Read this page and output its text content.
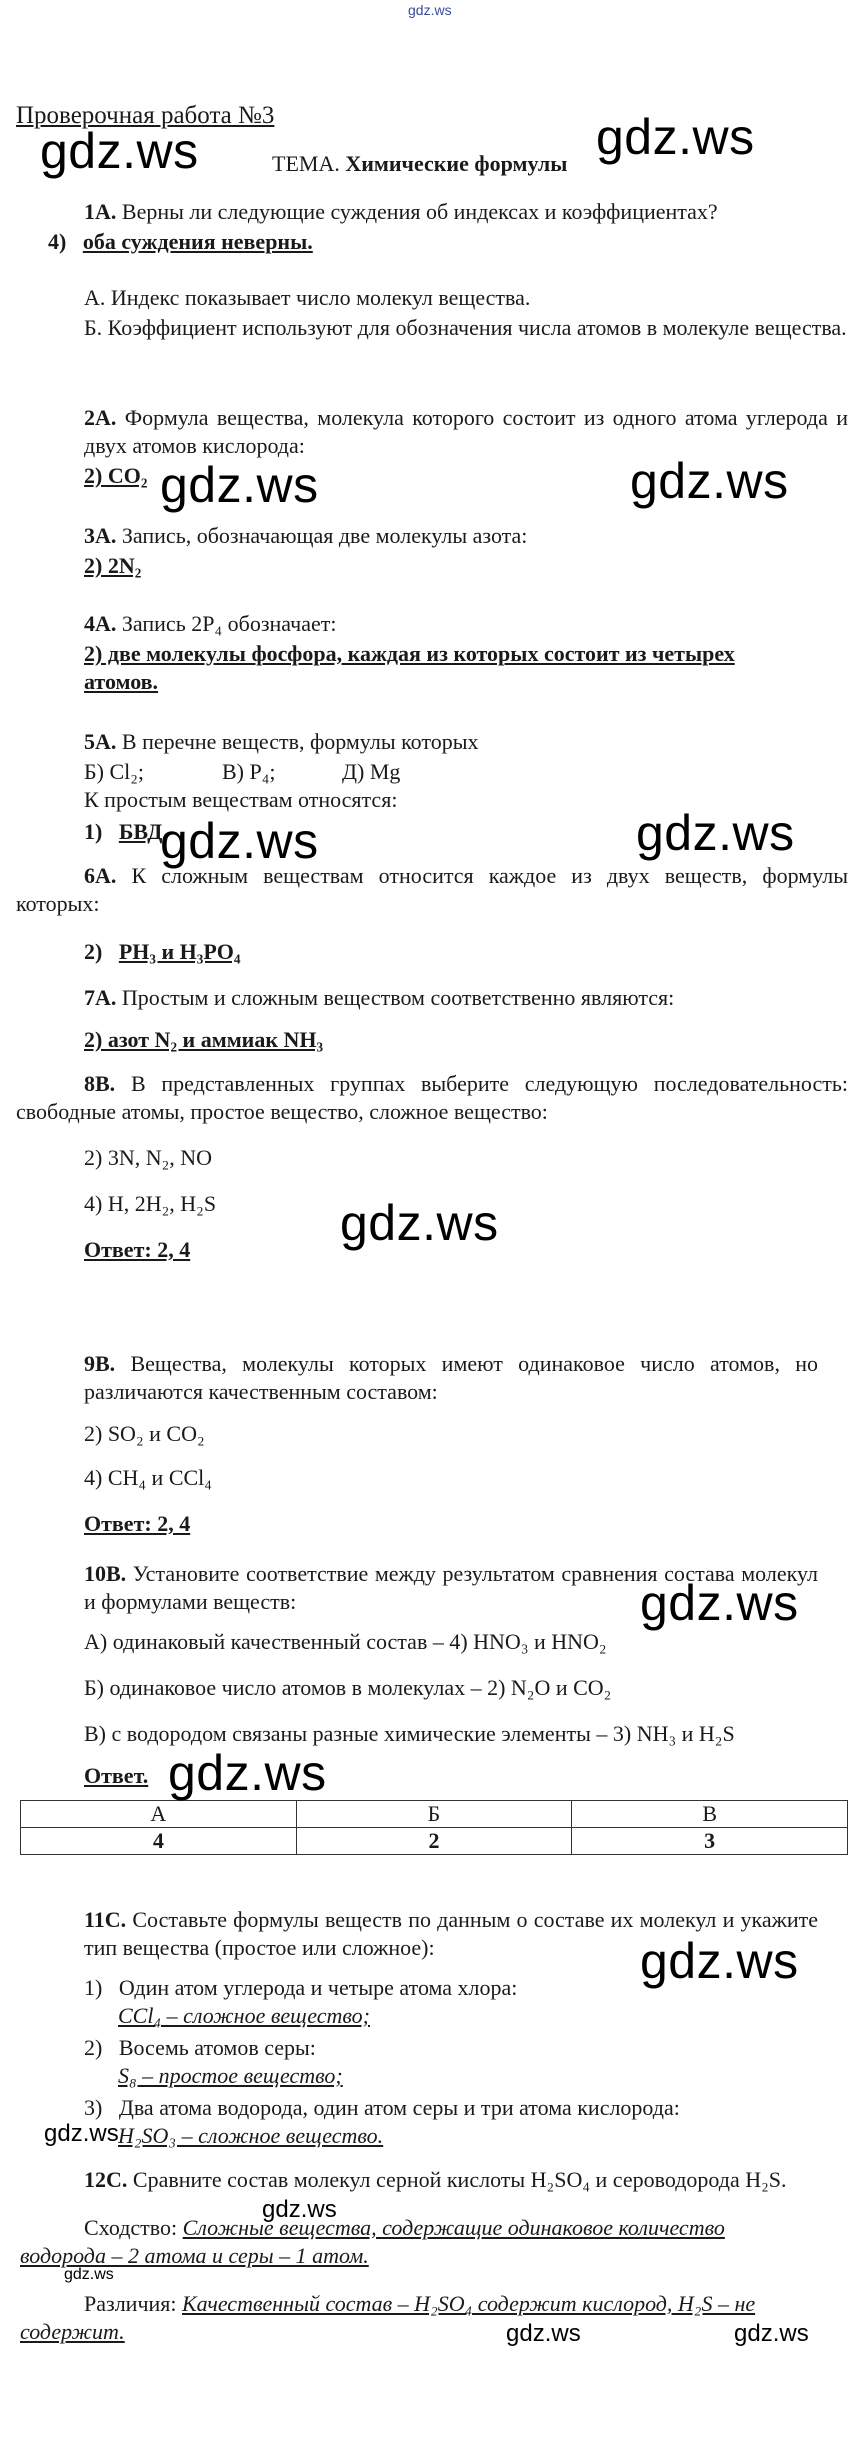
gdz.ws
Проверочная работа №3
ТЕМА. Химические формулы
1А. Верны ли следующие суждения об индексах и коэффициентах?
4) оба суждения неверны.
А. Индекс показывает число молекул вещества.
Б. Коэффициент используют для обозначения числа атомов в молекуле вещества.
2А. Формула вещества, молекула которого состоит из одного атома углерода и двух атомов кислорода:
2) CO₂
3А. Запись, обозначающая две молекулы азота:
2) 2N₂
4А. Запись 2P₄ обозначает:
2) две молекулы фосфора, каждая из которых состоит из четырех атомов.
5А. В перечне веществ, формулы которых
Б) Cl₂;	В) P₄;	Д) Mg
К простым веществам относятся:
1) БВД
6А. К сложным веществам относится каждое из двух веществ, формулы которых:
2) PH₃ и H₃PO₄
7А. Простым и сложным веществом соответственно являются:
2) азот N₂ и аммиак NH₃
8В. В представленных группах выберите следующую последовательность: свободные атомы, простое вещество, сложное вещество:
2) 3N, N₂, NO
4) H, 2H₂, H₂S
Ответ: 2, 4
9В. Вещества, молекулы которых имеют одинаковое число атомов, но различаются качественным составом:
2) SO₂ и CO₂
4) CH₄ и CCl₄
Ответ: 2, 4
10В. Установите соответствие между результатом сравнения состава молекул и формулами веществ:
А) одинаковый качественный состав – 4) HNO₃ и HNO₂
Б) одинаковое число атомов в молекулах – 2) N₂O и CO₂
В) с водородом связаны разные химические элементы – 3) NH₃ и H₂S
Ответ.
А	Б	В
4	2	3
11С. Составьте формулы веществ по данным о составе их молекул и укажите тип вещества (простое или сложное):
1) Один атом углерода и четыре атома хлора:
CCl₄ – сложное вещество;
2) Восемь атомов серы:
S₈ – простое вещество;
3) Два атома водорода, один атом серы и три атома кислорода:
H₂SO₃ – сложное вещество.
12С. Сравните состав молекул серной кислоты H₂SO₄ и сероводорода H₂S.
Сходство: Сложные вещества, содержащие одинаковое количество
водорода – 2 атома и серы – 1 атом.
Различия: Качественный состав – H₂SO₄ содержит кислород, H₂S – не
содержит.
gdz.ws	gdz.ws
gdz.ws	gdz.ws
gdz.ws	gdz.ws
gdz.ws
gdz.ws
gdz.ws
gdz.ws
gdz.ws
gdz.ws
gdz.ws
gdz.ws	gdz.ws
